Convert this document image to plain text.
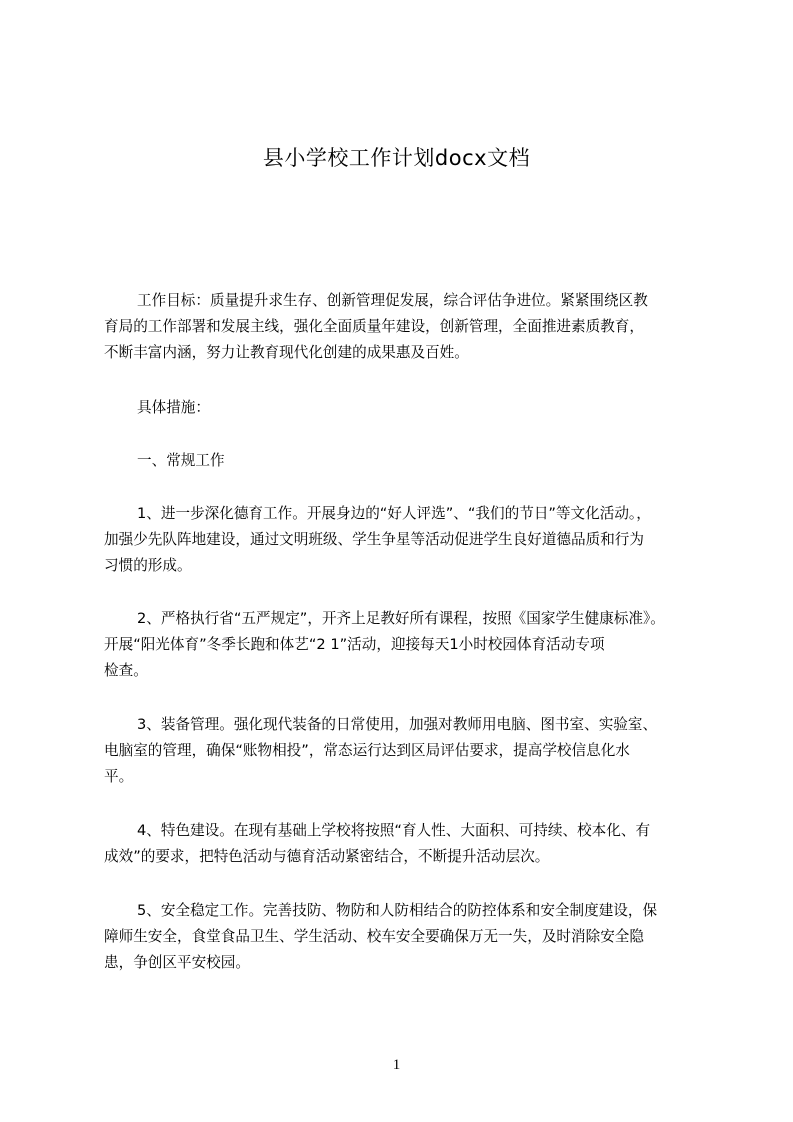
县小学校工作计划docx文档
工作目标：质量提升求生存、创新管理促发展，综合评估争进位。紧紧围绕区教
育局的工作部署和发展主线，强化全面质量年建设，创新管理，全面推进素质教育，
不断丰富内涵，努力让教育现代化创建的成果惠及百姓。
具体措施：
一、常规工作
1、进一步深化德育工作。开展身边的“好人评选”、“我们的节日”等文化活动。，
加强少先队阵地建设，通过文明班级、学生争星等活动促进学生良好道德品质和行为
习惯的形成。
2、严格执行省“五严规定”，开齐上足教好所有课程，按照《国家学生健康标准》。
开展“阳光体育”冬季长跑和体艺“2 1”活动，迎接每天1小时校园体育活动专项
检查。
3、装备管理。强化现代装备的日常使用，加强对教师用电脑、图书室、实验室、
电脑室的管理，确保“账物相投”，常态运行达到区局评估要求，提高学校信息化水
平。
4、特色建设。在现有基础上学校将按照“育人性、大面积、可持续、校本化、有
成效”的要求，把特色活动与德育活动紧密结合，不断提升活动层次。
5、安全稳定工作。完善技防、物防和人防相结合的防控体系和安全制度建设，保
障师生安全，食堂食品卫生、学生活动、校车安全要确保万无一失，及时消除安全隐
患，争创区平安校园。
1
